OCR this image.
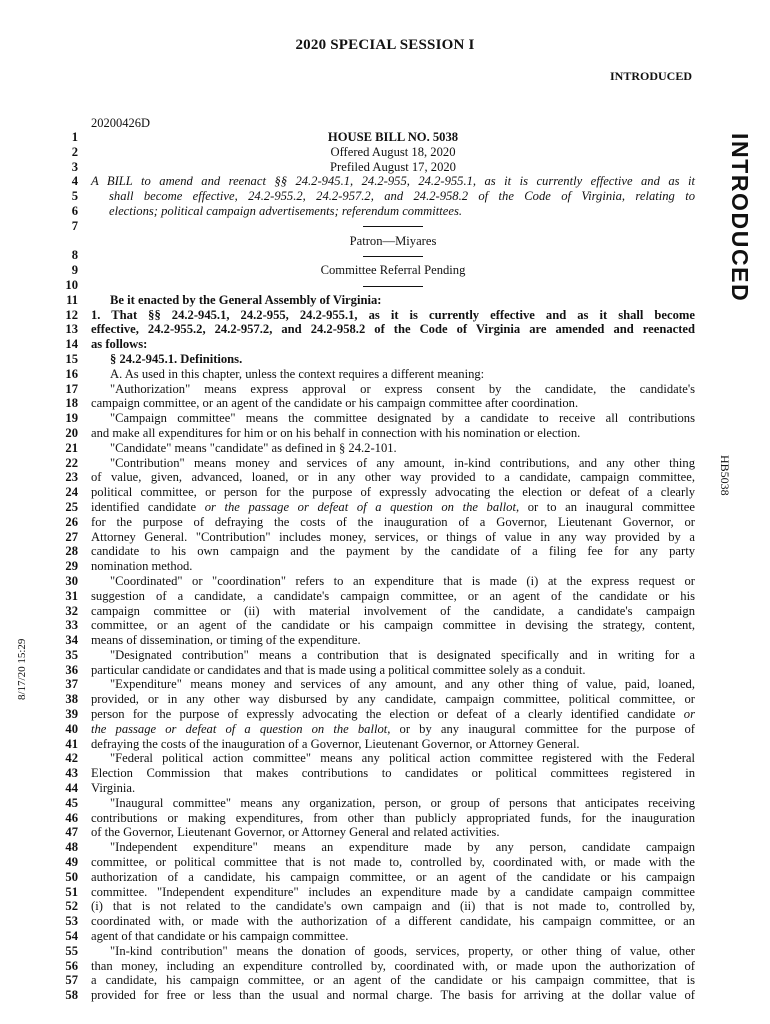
2020 SPECIAL SESSION I
INTRODUCED
20200426D
INTRODUCED
HB5038
8/17/20 15:29
1	HOUSE BILL NO. 5038
2	Offered August 18, 2020
3	Prefiled August 17, 2020
4 A BILL to amend and reenact §§ 24.2-945.1, 24.2-955, 24.2-955.1, as it is currently effective and as it
5	shall become effective, 24.2-955.2, 24.2-957.2, and 24.2-958.2 of the Code of Virginia, relating to
6	elections; political campaign advertisements; referendum committees.
7
Patron—Miyares
8
9	Committee Referral Pending
10
11	Be it enacted by the General Assembly of Virginia:
12 1. That §§ 24.2-945.1, 24.2-955, 24.2-955.1, as it is currently effective and as it shall become
13 effective, 24.2-955.2, 24.2-957.2, and 24.2-958.2 of the Code of Virginia are amended and reenacted
14 as follows:
15	§ 24.2-945.1. Definitions.
16	A. As used in this chapter, unless the context requires a different meaning:
17	"Authorization" means express approval or express consent by the candidate, the candidate's
18 campaign committee, or an agent of the candidate or his campaign committee after coordination.
19	"Campaign committee" means the committee designated by a candidate to receive all contributions
20 and make all expenditures for him or on his behalf in connection with his nomination or election.
21	"Candidate" means "candidate" as defined in § 24.2-101.
22	"Contribution" means money and services of any amount, in-kind contributions, and any other thing
23 of value, given, advanced, loaned, or in any other way provided to a candidate, campaign committee,
24 political committee, or person for the purpose of expressly advocating the election or defeat of a clearly
25 identified candidate or the passage or defeat of a question on the ballot, or to an inaugural committee
26 for the purpose of defraying the costs of the inauguration of a Governor, Lieutenant Governor, or
27 Attorney General. "Contribution" includes money, services, or things of value in any way provided by a
28 candidate to his own campaign and the payment by the candidate of a filing fee for any party
29 nomination method.
30	"Coordinated" or "coordination" refers to an expenditure that is made (i) at the express request or
31 suggestion of a candidate, a candidate's campaign committee, or an agent of the candidate or his
32 campaign committee or (ii) with material involvement of the candidate, a candidate's campaign
33 committee, or an agent of the candidate or his campaign committee in devising the strategy, content,
34 means of dissemination, or timing of the expenditure.
35	"Designated contribution" means a contribution that is designated specifically and in writing for a
36 particular candidate or candidates and that is made using a political committee solely as a conduit.
37	"Expenditure" means money and services of any amount, and any other thing of value, paid, loaned,
38 provided, or in any other way disbursed by any candidate, campaign committee, political committee, or
39 person for the purpose of expressly advocating the election or defeat of a clearly identified candidate or
40 the passage or defeat of a question on the ballot, or by any inaugural committee for the purpose of
41 defraying the costs of the inauguration of a Governor, Lieutenant Governor, or Attorney General.
42	"Federal political action committee" means any political action committee registered with the Federal
43 Election Commission that makes contributions to candidates or political committees registered in
44 Virginia.
45	"Inaugural committee" means any organization, person, or group of persons that anticipates receiving
46 contributions or making expenditures, from other than publicly appropriated funds, for the inauguration
47 of the Governor, Lieutenant Governor, or Attorney General and related activities.
48	"Independent expenditure" means an expenditure made by any person, candidate campaign
49 committee, or political committee that is not made to, controlled by, coordinated with, or made with the
50 authorization of a candidate, his campaign committee, or an agent of the candidate or his campaign
51 committee. "Independent expenditure" includes an expenditure made by a candidate campaign committee
52 (i) that is not related to the candidate's own campaign and (ii) that is not made to, controlled by,
53 coordinated with, or made with the authorization of a different candidate, his campaign committee, or an
54 agent of that candidate or his campaign committee.
55	"In-kind contribution" means the donation of goods, services, property, or other thing of value, other
56 than money, including an expenditure controlled by, coordinated with, or made upon the authorization of
57 a candidate, his campaign committee, or an agent of the candidate or his campaign committee, that is
58 provided for free or less than the usual and normal charge. The basis for arriving at the dollar value of
